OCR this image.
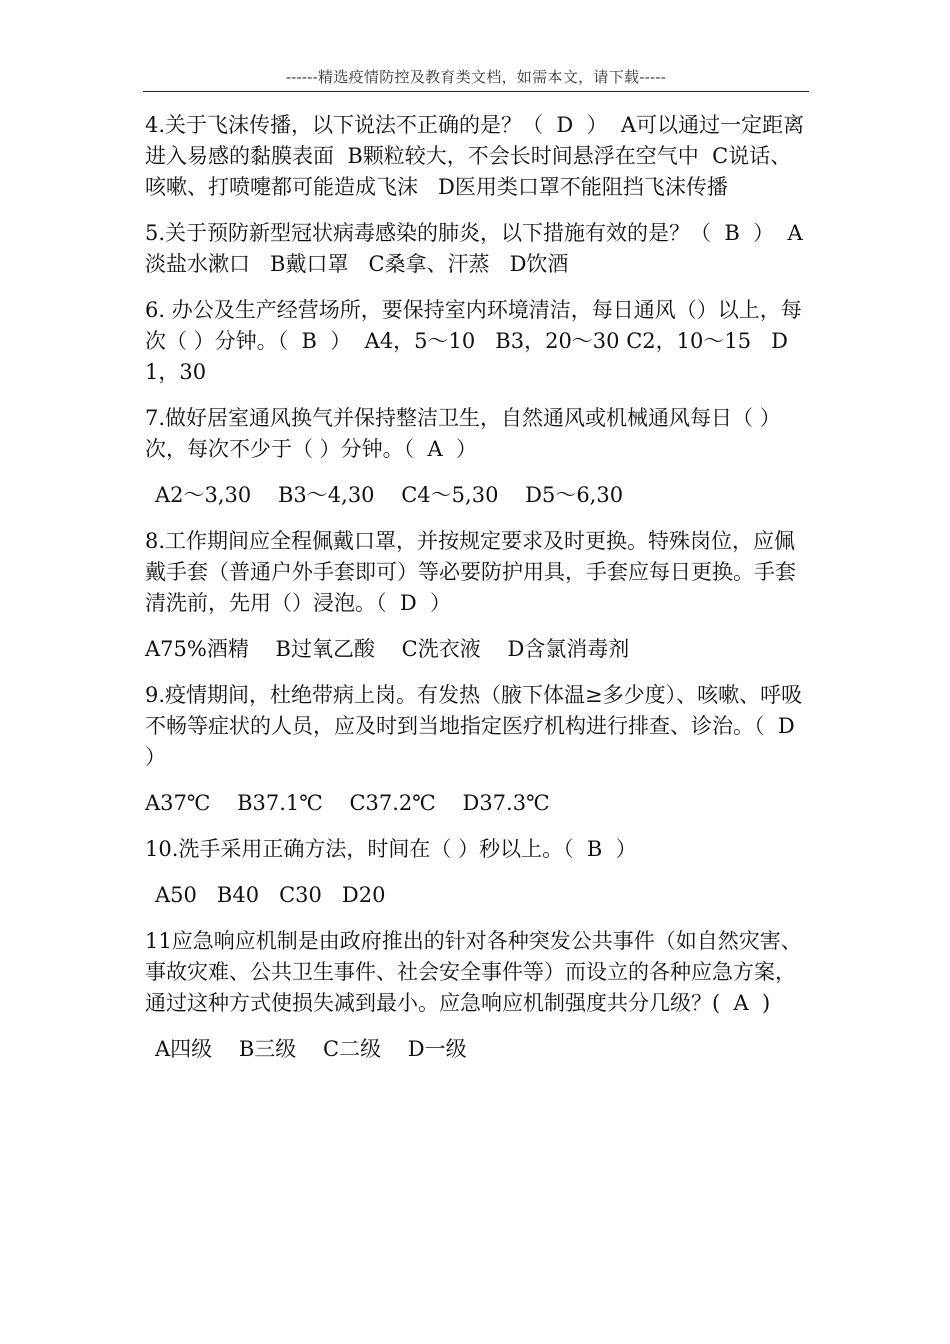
------精选疫情防控及教育类文档，如需本文，请下载-----
4.关于飞沫传播，以下说法不正确的是？（  D  ）  A可以通过一定距离进入易感的黏膜表面  B颗粒较大，不会长时间悬浮在空气中  C说话、咳嗽、打喷嚏都可能造成飞沫   D医用类口罩不能阻挡飞沫传播
5.关于预防新型冠状病毒感染的肺炎，以下措施有效的是？（  B  ）  A淡盐水漱口   B戴口罩   C桑拿、汗蒸   D饮酒
6. 办公及生产经营场所，要保持室内环境清洁，每日通风（）以上，每次（ ）分钟。（  B  ）  A4，5～10   B3，20～30 C2，10～15   D1，30
7.做好居室通风换气并保持整洁卫生，自然通风或机械通风每日（ ）次，每次不少于（ ）分钟。（  A  ）
A2～3,30    B3～4,30    C4～5,30    D5～6,30
8.工作期间应全程佩戴口罩，并按规定要求及时更换。特殊岗位，应佩戴手套（普通户外手套即可）等必要防护用具，手套应每日更换。手套清洗前，先用（）浸泡。（  D  ）
A75%酒精    B过氧乙酸    C洗衣液    D含氯消毒剂
9.疫情期间，杜绝带病上岗。有发热（腋下体温≥多少度）、咳嗽、呼吸不畅等症状的人员，应及时到当地指定医疗机构进行排查、诊治。（  D  ）
A37℃    B37.1℃    C37.2℃    D37.3℃
10.洗手采用正确方法，时间在（ ）秒以上。（  B  ）
A50   B40   C30   D20
11应急响应机制是由政府推出的针对各种突发公共事件（如自然灾害、事故灾难、公共卫生事件、社会安全事件等）而设立的各种应急方案，通过这种方式使损失减到最小。应急响应机制强度共分几级？(  A  )
A四级    B三级    C二级    D一级
